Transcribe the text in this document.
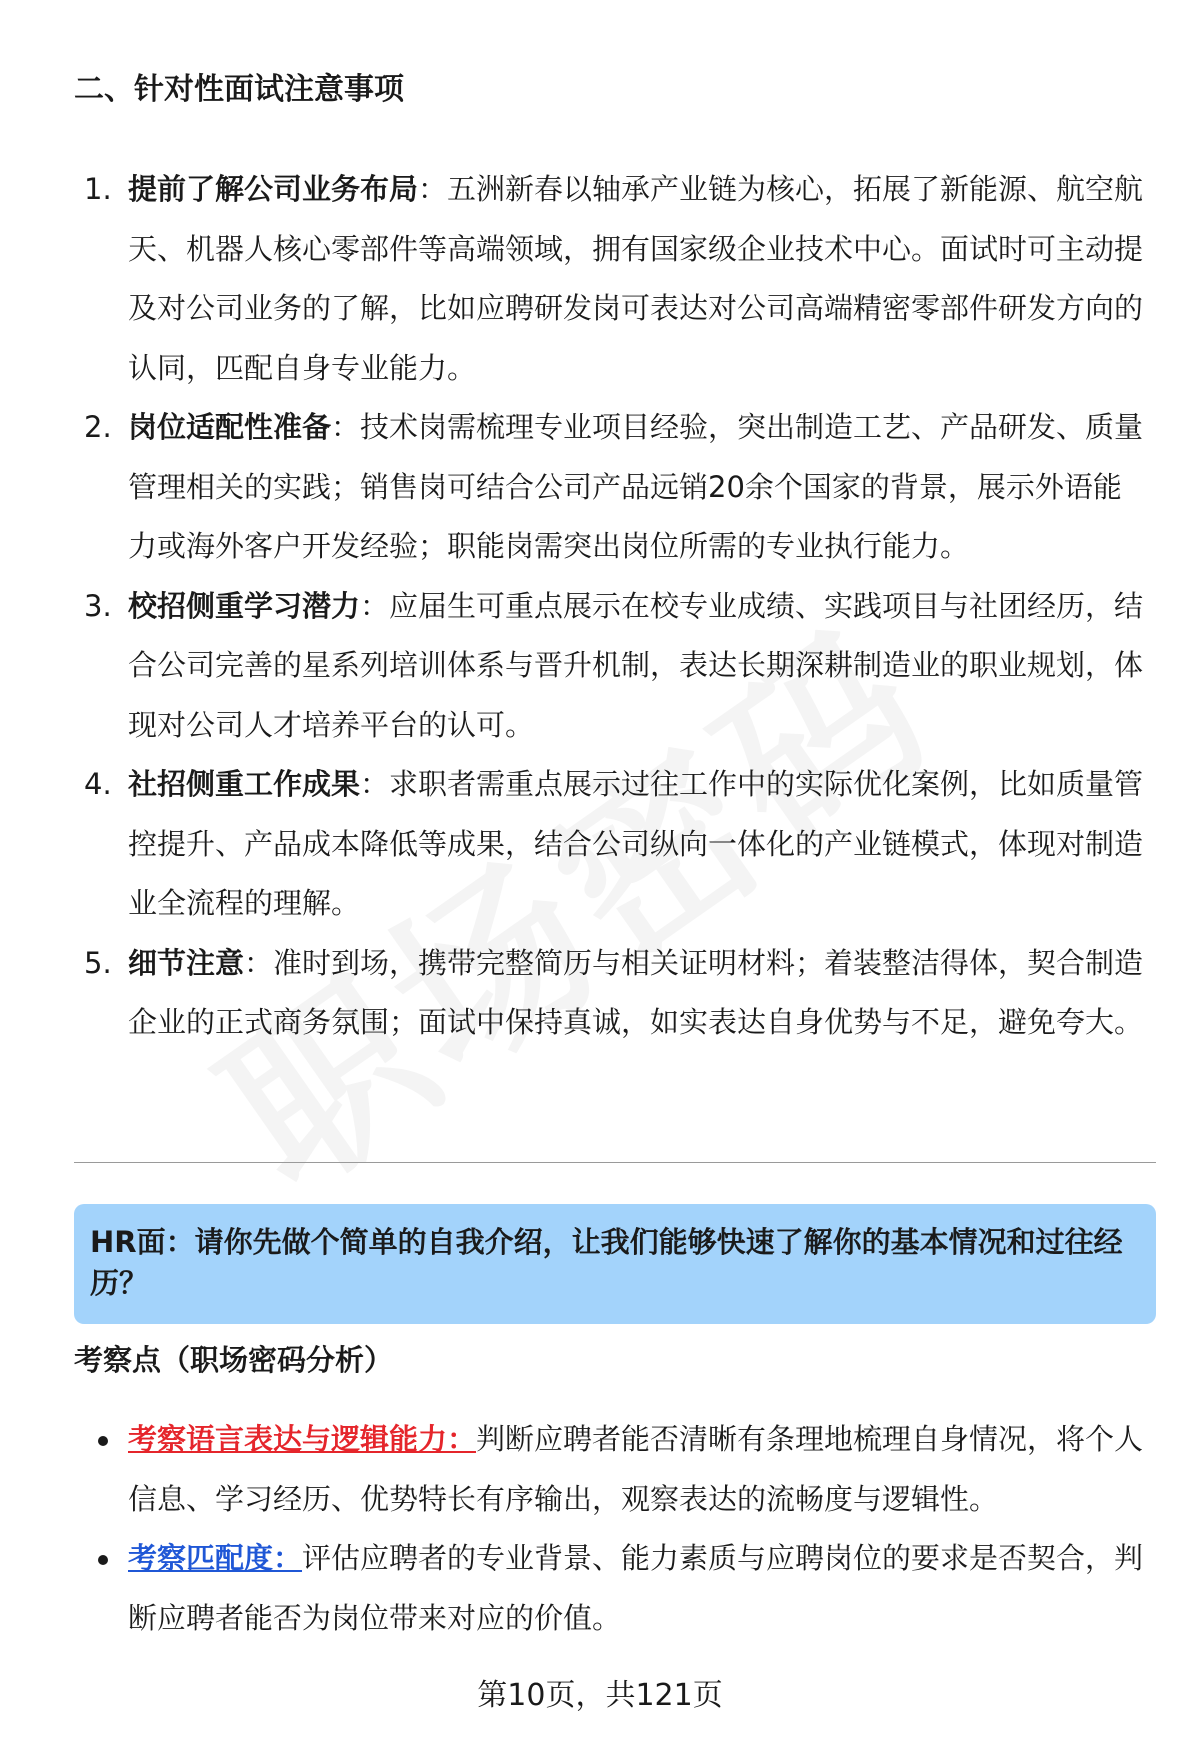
二、针对性面试注意事项
1. 提前了解公司业务布局：五洲新春以轴承产业链为核心，拓展了新能源、航空航天、机器人核心零部件等高端领域，拥有国家级企业技术中心。面试时可主动提及对公司业务的了解，比如应聘研发岗可表达对公司高端精密零部件研发方向的认同，匹配自身专业能力。
2. 岗位适配性准备：技术岗需梳理专业项目经验，突出制造工艺、产品研发、质量管理相关的实践；销售岗可结合公司产品远销20余个国家的背景，展示外语能力或海外客户开发经验；职能岗需突出岗位所需的专业执行能力。
3. 校招侧重学习潜力：应届生可重点展示在校专业成绩、实践项目与社团经历，结合公司完善的星系列培训体系与晋升机制，表达长期深耕制造业的职业规划，体现对公司人才培养平台的认可。
4. 社招侧重工作成果：求职者需重点展示过往工作中的实际优化案例，比如质量管控提升、产品成本降低等成果，结合公司纵向一体化的产业链模式，体现对制造业全流程的理解。
5. 细节注意：准时到场，携带完整简历与相关证明材料；着装整洁得体，契合制造企业的正式商务氛围；面试中保持真诚，如实表达自身优势与不足，避免夸大。
HR面：请你先做个简单的自我介绍，让我们能够快速了解你的基本情况和过往经历？
考察点（职场密码分析）
考察语言表达与逻辑能力：判断应聘者能否清晰有条理地梳理自身情况，将个人信息、学习经历、优势特长有序输出，观察表达的流畅度与逻辑性。
考察匹配度：评估应聘者的专业背景、能力素质与应聘岗位的要求是否契合，判断应聘者能否为岗位带来对应的价值。
第10页，共121页
